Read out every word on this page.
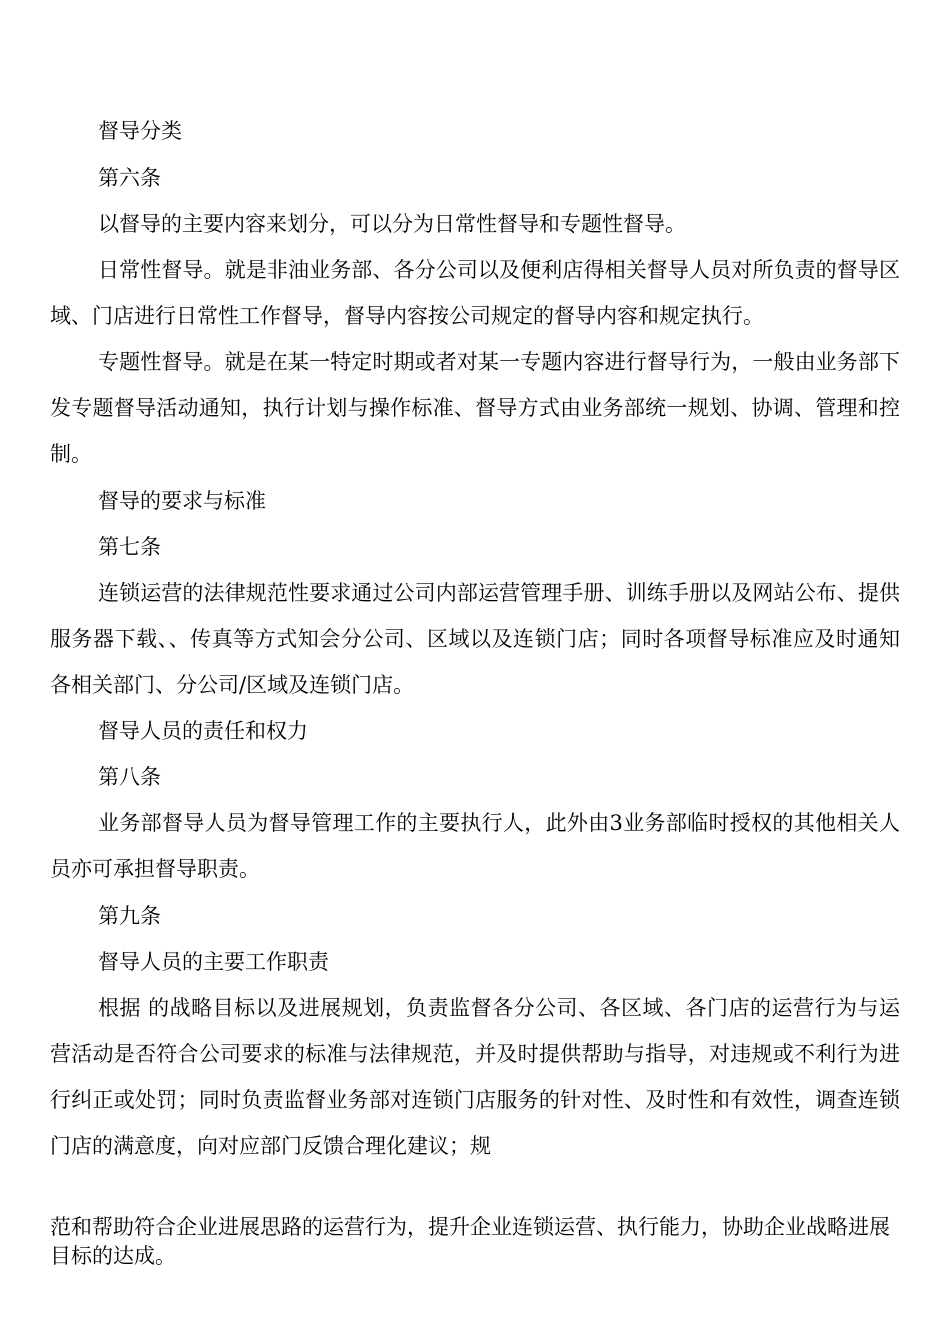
督导分类

第六条

以督导的主要内容来划分，可以分为日常性督导和专题性督导。

日常性督导。就是非油业务部、各分公司以及便利店得相关督导人员对所负责的督导区域、门店进行日常性工作督导，督导内容按公司规定的督导内容和规定执行。

专题性督导。就是在某一特定时期或者对某一专题内容进行督导行为，一般由业务部下发专题督导活动通知，执行计划与操作标准、督导方式由业务部统一规划、协调、管理和控制。

督导的要求与标准

第七条

连锁运营的法律规范性要求通过公司内部运营管理手册、训练手册以及网站公布、提供服务器下载、、传真等方式知会分公司、区域以及连锁门店；同时各项督导标准应及时通知各相关部门、分公司/区域及连锁门店。

督导人员的责任和权力

第八条

业务部督导人员为督导管理工作的主要执行人，此外由3业务部临时授权的其他相关人员亦可承担督导职责。

第九条

督导人员的主要工作职责

根据 的战略目标以及进展规划，负责监督各分公司、各区域、各门店的运营行为与运营活动是否符合公司要求的标准与法律规范，并及时提供帮助与指导，对违规或不利行为进行纠正或处罚；同时负责监督业务部对连锁门店服务的针对性、及时性和有效性，调查连锁门店的满意度，向对应部门反馈合理化建议；规

范和帮助符合企业进展思路的运营行为，提升企业连锁运营、执行能力，协助企业战略进展目标的达成。
